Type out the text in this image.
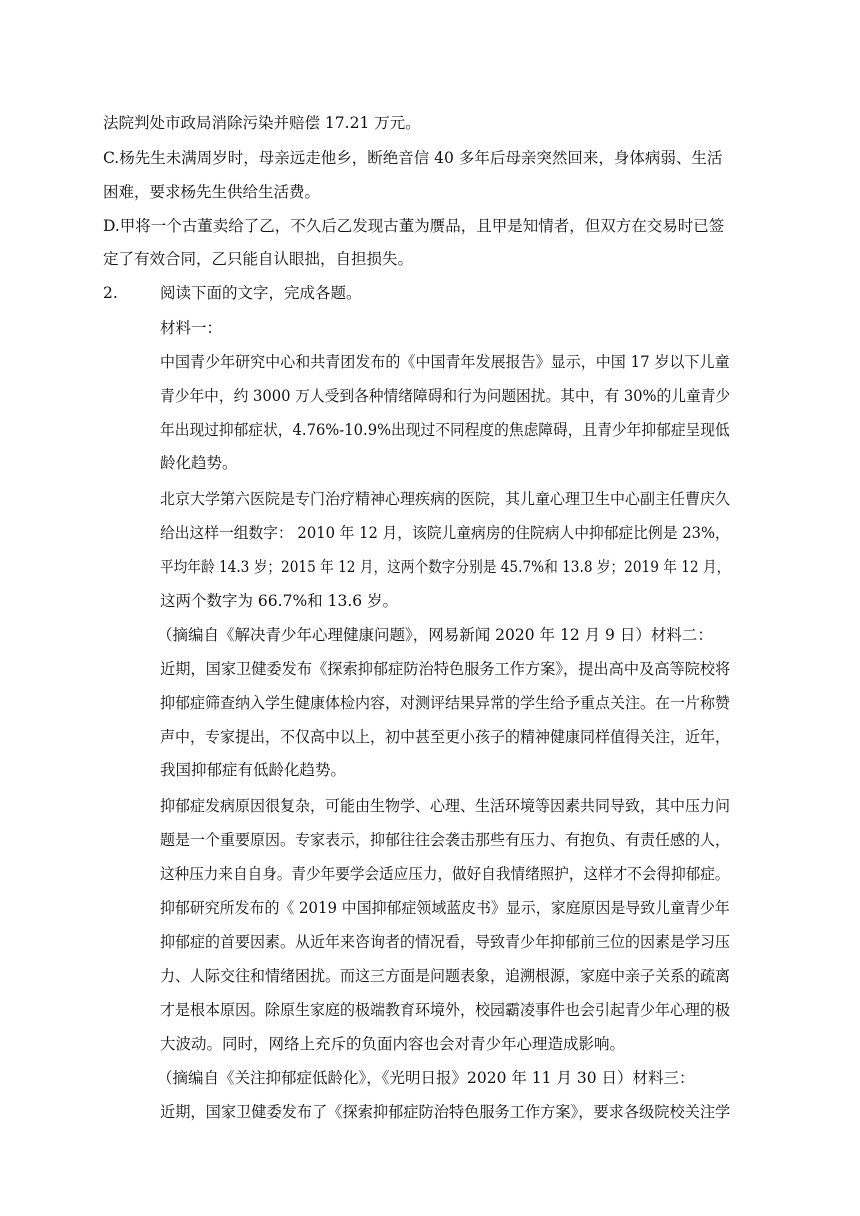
法院判处市政局消除污染并赔偿 17.21 万元。
C.杨先生未满周岁时，母亲远走他乡，断绝音信 40 多年后母亲突然回来，身体病弱、生活
困难，要求杨先生供给生活费。
D.甲将一个古董卖给了乙，不久后乙发现古董为赝品，且甲是知情者，但双方在交易时已签
定了有效合同，乙只能自认眼拙，自担损失。
2.	阅读下面的文字，完成各题。
材料一：
中国青少年研究中心和共青团发布的《中国青年发展报告》显示，中国 17 岁以下儿童
青少年中，约 3000 万人受到各种情绪障碍和行为问题困扰。其中，有 30%的儿童青少
年出现过抑郁症状，4.76%-10.9%出现过不同程度的焦虑障碍，且青少年抑郁症呈现低
龄化趋势。
北京大学第六医院是专门治疗精神心理疾病的医院，其儿童心理卫生中心副主任曹庆久
给出这样一组数字： 2010 年 12 月，该院儿童病房的住院病人中抑郁症比例是 23%，
平均年龄 14.3 岁；2015 年 12 月，这两个数字分别是 45.7%和 13.8 岁；2019 年 12 月，
这两个数字为 66.7%和 13.6 岁。
（摘编自《解决青少年心理健康问题》，网易新闻 2020 年 12 月 9 日）材料二：
近期，国家卫健委发布《探索抑郁症防治特色服务工作方案》，提出高中及高等院校将
抑郁症筛查纳入学生健康体检内容，对测评结果异常的学生给予重点关注。在一片称赞
声中，专家提出，不仅高中以上，初中甚至更小孩子的精神健康同样值得关注，近年，
我国抑郁症有低龄化趋势。
抑郁症发病原因很复杂，可能由生物学、心理、生活环境等因素共同导致，其中压力问
题是一个重要原因。专家表示，抑郁往往会袭击那些有压力、有抱负、有责任感的人，
这种压力来自自身。青少年要学会适应压力，做好自我情绪照护，这样才不会得抑郁症。
抑郁研究所发布的《 2019 中国抑郁症领域蓝皮书》显示，家庭原因是导致儿童青少年
抑郁症的首要因素。从近年来咨询者的情况看，导致青少年抑郁前三位的因素是学习压
力、人际交往和情绪困扰。而这三方面是问题表象，追溯根源，家庭中亲子关系的疏离
才是根本原因。除原生家庭的极端教育环境外，校园霸凌事件也会引起青少年心理的极
大波动。同时，网络上充斥的负面内容也会对青少年心理造成影响。
（摘编自《关注抑郁症低龄化》，《光明日报》2020 年 11 月 30 日）材料三：
近期，国家卫健委发布了《探索抑郁症防治特色服务工作方案》，要求各级院校关注学
